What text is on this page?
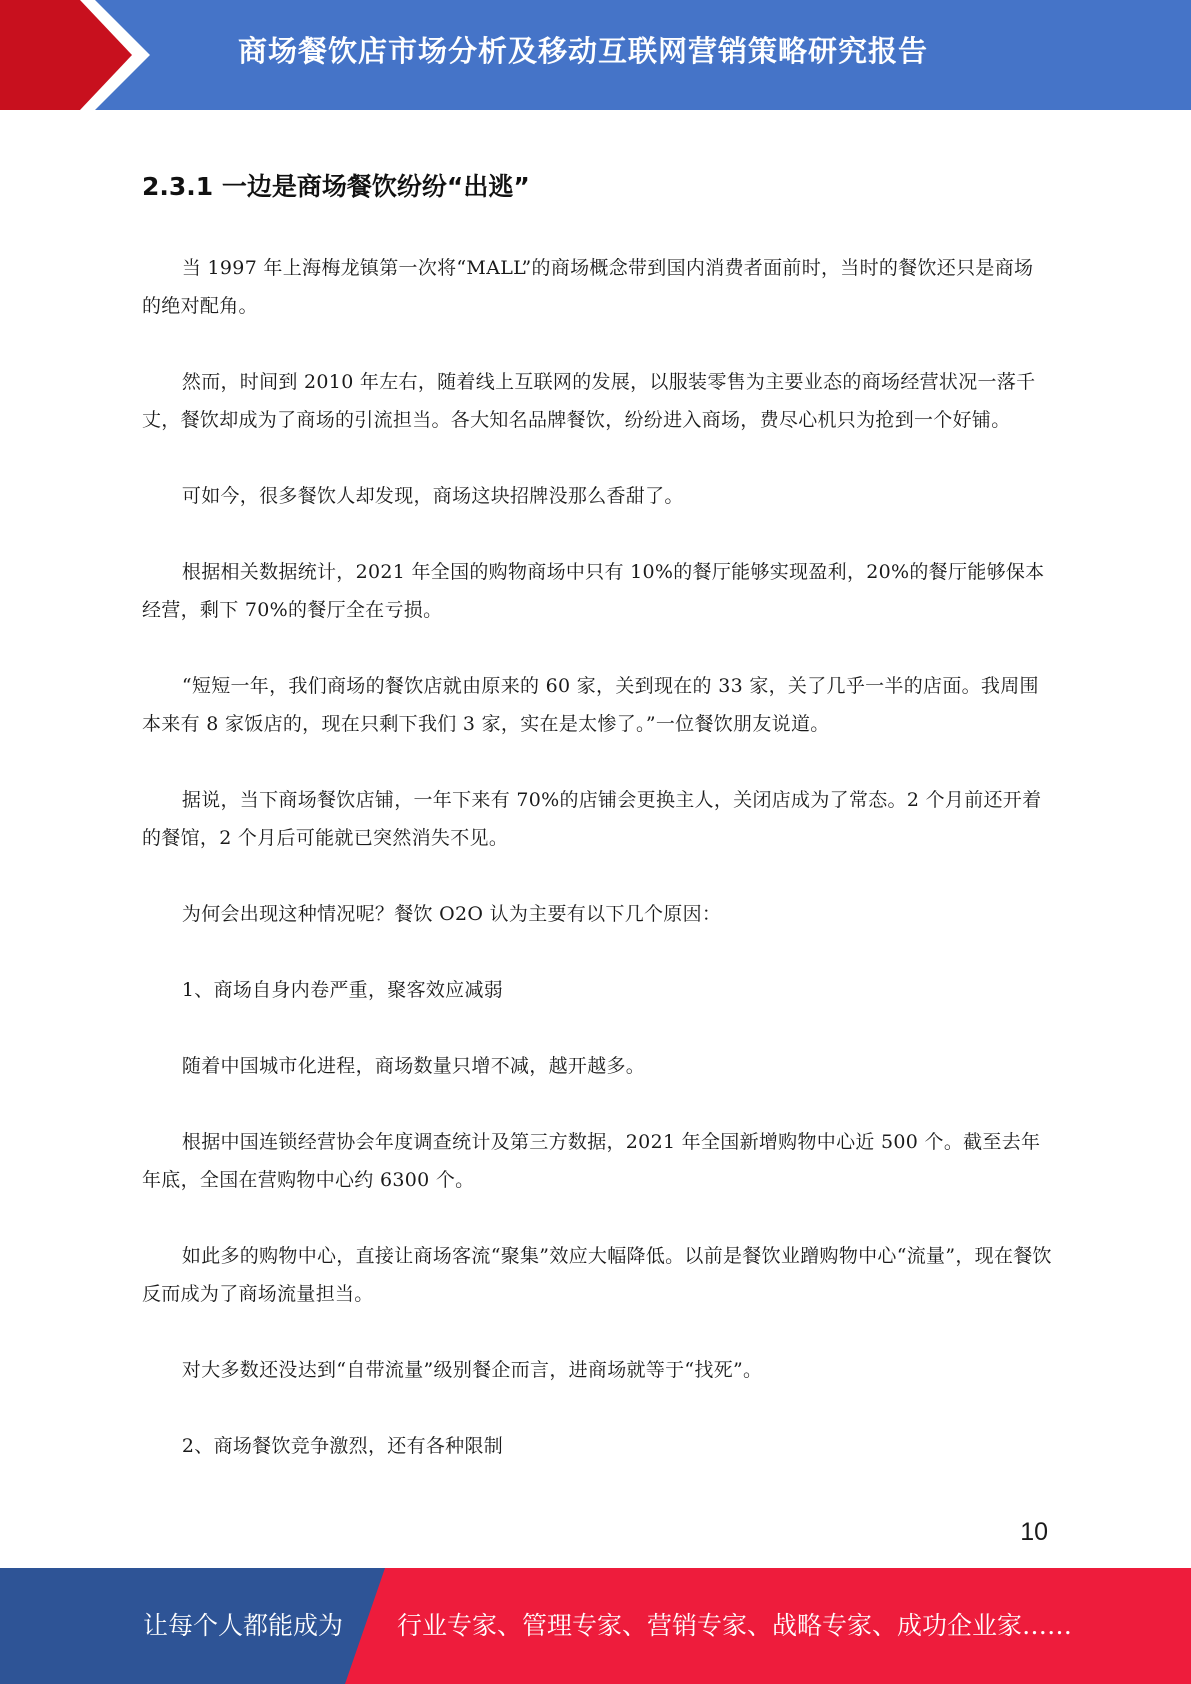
商场餐饮店市场分析及移动互联网营销策略研究报告
2.3.1 一边是商场餐饮纷纷“出逃”

当 1997 年上海梅龙镇第一次将“MALL”的商场概念带到国内消费者面前时，当时的餐饮还只是商场的绝对配角。

然而，时间到 2010 年左右，随着线上互联网的发展，以服装零售为主要业态的商场经营状况一落千丈，餐饮却成为了商场的引流担当。各大知名品牌餐饮，纷纷进入商场，费尽心机只为抢到一个好铺。

可如今，很多餐饮人却发现，商场这块招牌没那么香甜了。

根据相关数据统计，2021 年全国的购物商场中只有 10%的餐厅能够实现盈利，20%的餐厅能够保本经营，剩下 70%的餐厅全在亏损。

“短短一年，我们商场的餐饮店就由原来的 60 家，关到现在的 33 家，关了几乎一半的店面。我周围本来有 8 家饭店的，现在只剩下我们 3 家，实在是太惨了。”一位餐饮朋友说道。

据说，当下商场餐饮店铺，一年下来有 70%的店铺会更换主人，关闭店成为了常态。2 个月前还开着的餐馆，2 个月后可能就已突然消失不见。

为何会出现这种情况呢？餐饮 O2O 认为主要有以下几个原因：

1、商场自身内卷严重，聚客效应减弱

随着中国城市化进程，商场数量只增不减，越开越多。

根据中国连锁经营协会年度调查统计及第三方数据，2021 年全国新增购物中心近 500 个。截至去年年底，全国在营购物中心约 6300 个。

如此多的购物中心，直接让商场客流“聚集”效应大幅降低。以前是餐饮业蹭购物中心“流量”，现在餐饮反而成为了商场流量担当。

对大多数还没达到“自带流量”级别餐企而言，进商场就等于“找死”。

2、商场餐饮竞争激烈，还有各种限制

10
让每个人都能成为 行业专家、管理专家、营销专家、战略专家、成功企业家……
